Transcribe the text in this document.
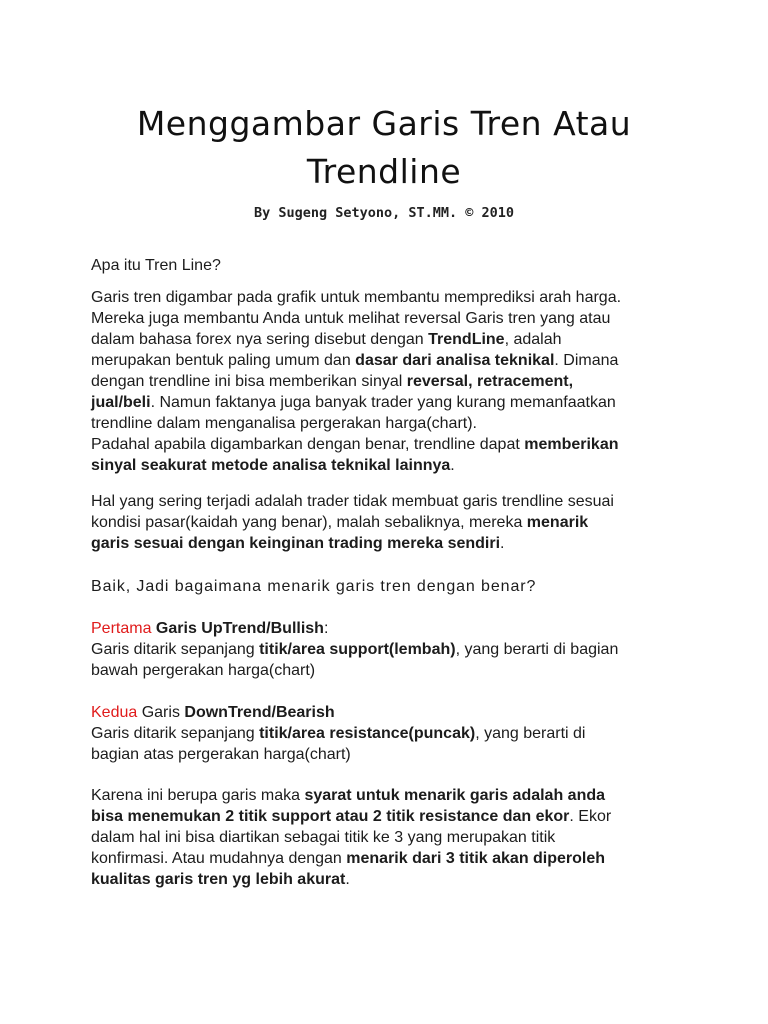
Menggambar Garis Tren Atau
Trendline
By Sugeng Setyono, ST.MM. © 2010
Apa itu Tren Line?
Garis tren digambar pada grafik untuk membantu memprediksi arah harga.
Mereka juga membantu Anda untuk melihat reversal Garis tren yang atau
dalam bahasa forex nya sering disebut dengan TrendLine, adalah
merupakan bentuk paling umum dan dasar dari analisa teknikal. Dimana
dengan trendline ini bisa memberikan sinyal reversal, retracement,
jual/beli. Namun faktanya juga banyak trader yang kurang memanfaatkan
trendline dalam menganalisa pergerakan harga(chart).
Padahal apabila digambarkan dengan benar, trendline dapat memberikan
sinyal seakurat metode analisa teknikal lainnya.
Hal yang sering terjadi adalah trader tidak membuat garis trendline sesuai
kondisi pasar(kaidah yang benar), malah sebaliknya, mereka menarik
garis sesuai dengan keinginan trading mereka sendiri.
Baik, Jadi bagaimana menarik garis tren dengan benar?
Pertama Garis UpTrend/Bullish:
Garis ditarik sepanjang titik/area support(lembah), yang berarti di bagian
bawah pergerakan harga(chart)
Kedua Garis DownTrend/Bearish
Garis ditarik sepanjang titik/area resistance(puncak), yang berarti di
bagian atas pergerakan harga(chart)
Karena ini berupa garis maka syarat untuk menarik garis adalah anda
bisa menemukan 2 titik support atau 2 titik resistance dan ekor. Ekor
dalam hal ini bisa diartikan sebagai titik ke 3 yang merupakan titik
konfirmasi. Atau mudahnya dengan menarik dari 3 titik akan diperoleh
kualitas garis tren yg lebih akurat.
